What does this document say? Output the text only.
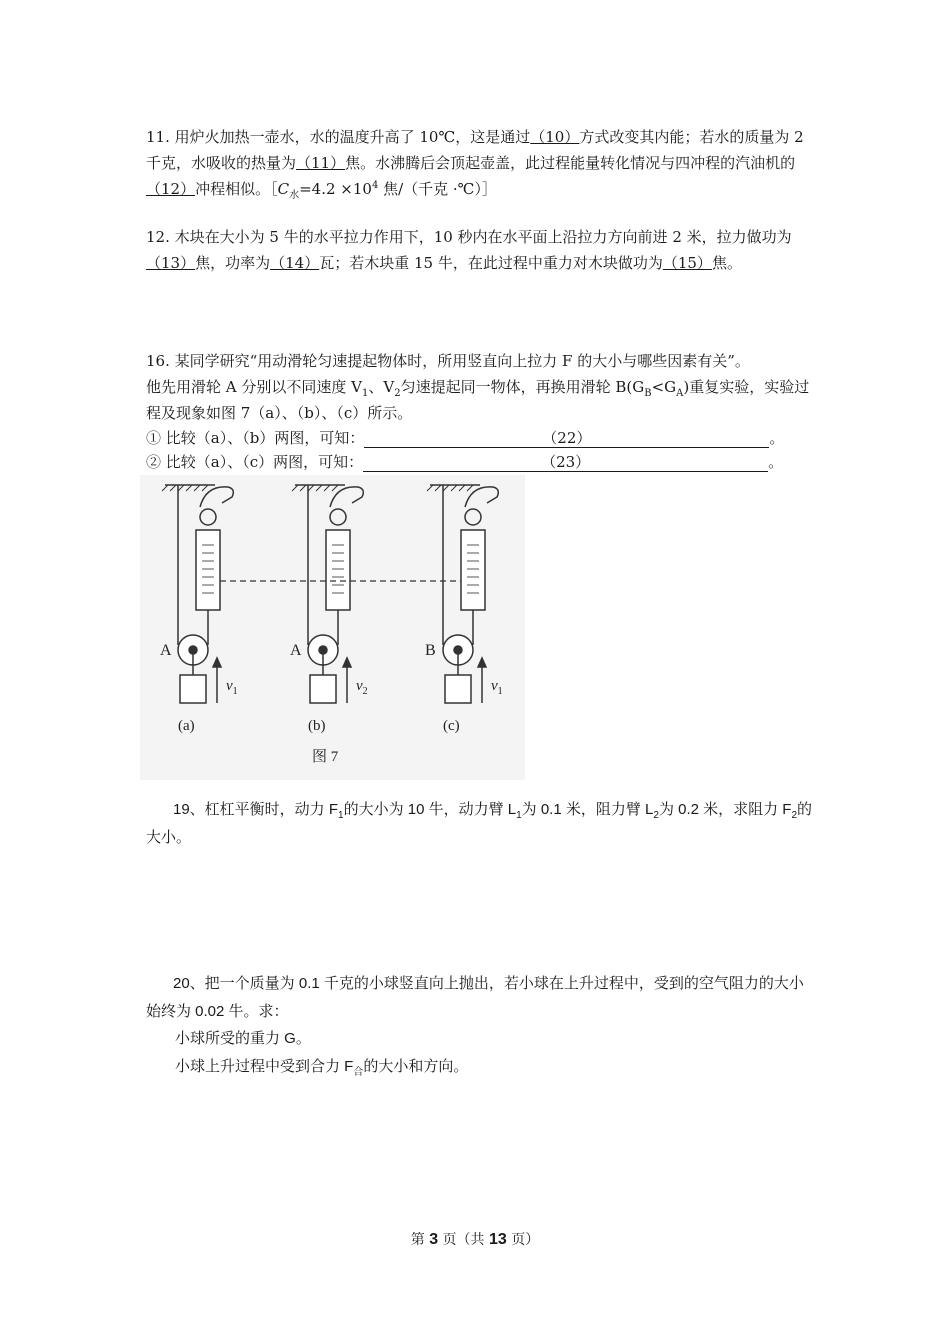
11. 用炉火加热一壶水，水的温度升高了 10℃，这是通过（10）方式改变其内能；若水的质量为 2 千克，水吸收的热量为（11）焦。水沸腾后会顶起壶盖，此过程能量转化情况与四冲程的汽油机的（12）冲程相似。$[C_水=4.2 \times 10^4$ 焦/（千克 ·℃）］
12. 木块在大小为 5 牛的水平拉力作用下，10 秒内在水平面上沿拉力方向前进 2 米，拉力做功为（13）焦，功率为（14）瓦；若木块重 15 牛，在此过程中重力对木块做功为（15）焦。
16. 某同学研究“用动滑轮匀速提起物体时，所用竖直向上拉力 F 的大小与哪些因素有关”。
他先用滑轮 A 分别以不同速度 $V_1$、$V_2$匀速提起同一物体，再换用滑轮 $B(G_B<G_A)$重复实验，实验过程及现象如图 7（a）、（b）、（c）所示。
① 比较（a）、（b）两图，可知：	（22）	。
② 比较（a）、（c）两图，可知：	（23）	。
A	A	B
$v_1$	$v_2$	$v_1$
(a)	(b)	(c)
图 7
19、杠杠平衡时，动力 $F_1$的大小为 10 牛，动力臂 $L_1$为 0.1 米，阻力臂 $L_2$为 0.2 米，求阻力 $F_2$的大小。
20、把一个质量为 0.1 千克的小球竖直向上抛出，若小球在上升过程中，受到的空气阻力的大小始终为 0.02 牛。求：
小球所受的重力 G。
小球上升过程中受到合力 $F_合$的大小和方向。
第 3 页（共 13 页）
